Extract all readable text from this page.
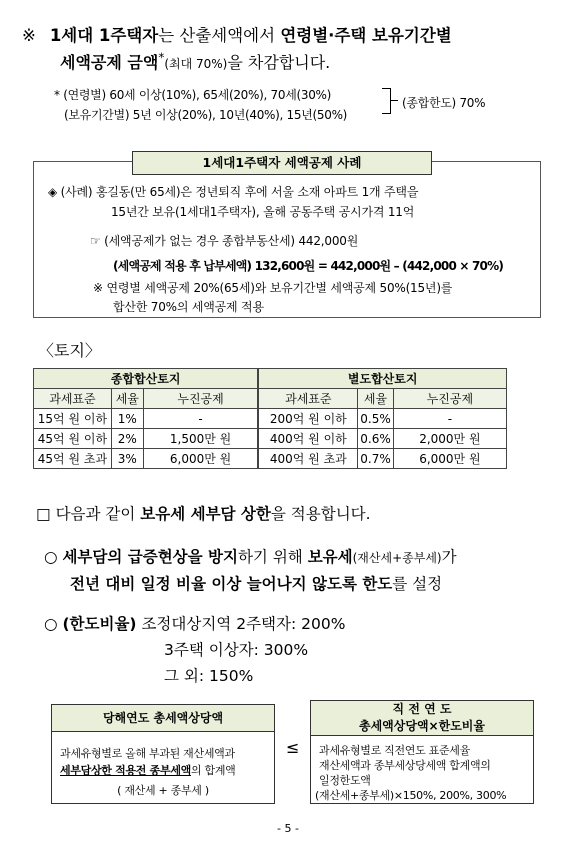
※ 1세대 1주택자는 산출세액에서 연령별·주택 보유기간별
세액공제 금액*(최대 70%)을 차감합니다.
* (연령별) 60세 이상(10%), 65세(20%), 70세(30%)
(보유기간별) 5년 이상(20%), 10년(40%), 15년(50%)
(종합한도) 70%
1세대1주택자 세액공제 사례
◈ (사례) 홍길동(만 65세)은 정년퇴직 후에 서울 소재 아파트 1개 주택을
15년간 보유(1세대1주택자), 올해 공동주택 공시가격 11억
☞ (세액공제가 없는 경우 종합부동산세) 442,000원
(세액공제 적용 후 납부세액) 132,600원 = 442,000원 – (442,000 × 70%)
※ 연령별 세액공제 20%(65세)와 보유기간별 세액공제 50%(15년)를
합산한 70%의 세액공제 적용
〈토지〉
종합합산토지			별도합산토지		
과세표준	세율	누진공제	과세표준	세율	누진공제
15억 원 이하	1%	-	200억 원 이하	0.5%	-
45억 원 이하	2%	1,500만 원	400억 원 이하	0.6%	2,000만 원
45억 원 초과	3%	6,000만 원	400억 원 초과	0.7%	6,000만 원
□ 다음과 같이 보유세 세부담 상한을 적용합니다.
○ 세부담의 급증현상을 방지하기 위해 보유세(재산세+종부세)가
전년 대비 일정 비율 이상 늘어나지 않도록 한도를 설정
○ (한도비율) 조정대상지역 2주택자: 200%
3주택 이상자: 300%
그 외: 150%
당해연도 총세액상당액
과세유형별로 올해 부과된 재산세액과
세부담상한 적용전 종부세액의 합계액
( 재산세 + 종부세 )
≤
직 전 연 도
총세액상당액×한도비율
과세유형별로 직전연도 표준세율
재산세액과 종부세상당세액 합계액의
일정한도액
(재산세+종부세)×150%, 200%, 300%
- 5 -
